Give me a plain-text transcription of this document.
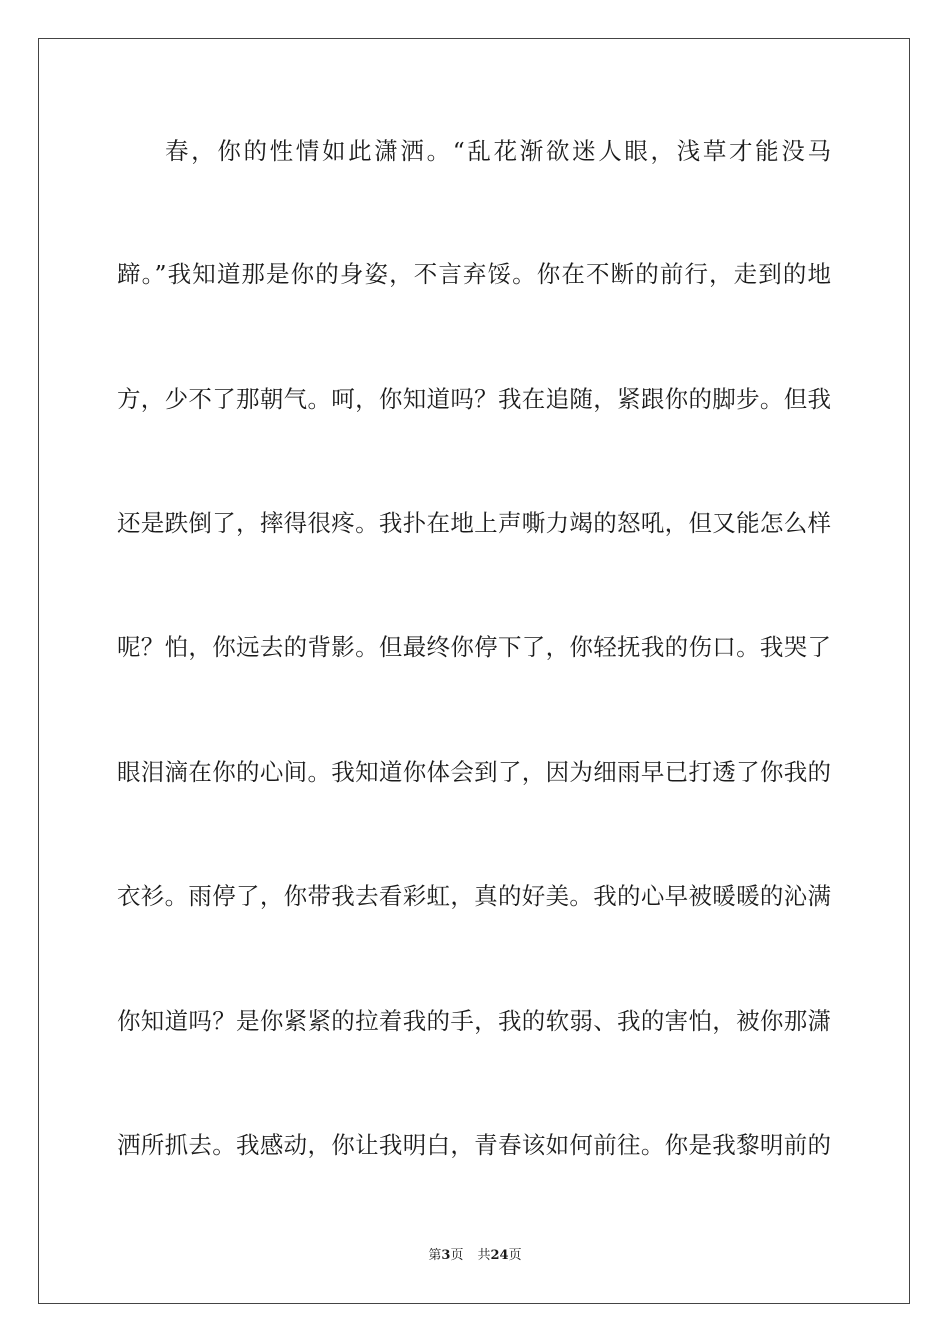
春，你的性情如此潇洒。“乱花渐欲迷人眼，浅草才能没马
蹄。”我知道那是你的身姿，不言弃馁。你在不断的前行，走到的地
方，少不了那朝气。呵，你知道吗？我在追随，紧跟你的脚步。但我
还是跌倒了，摔得很疼。我扑在地上声嘶力竭的怒吼，但又能怎么样
呢？怕，你远去的背影。但最终你停下了，你轻抚我的伤口。我哭了
眼泪滴在你的心间。我知道你体会到了，因为细雨早已打透了你我的
衣衫。雨停了，你带我去看彩虹，真的好美。我的心早被暖暖的沁满
你知道吗？是你紧紧的拉着我的手，我的软弱、我的害怕，被你那潇
洒所抓去。我感动，你让我明白，青春该如何前往。你是我黎明前的
第3页 共24页
